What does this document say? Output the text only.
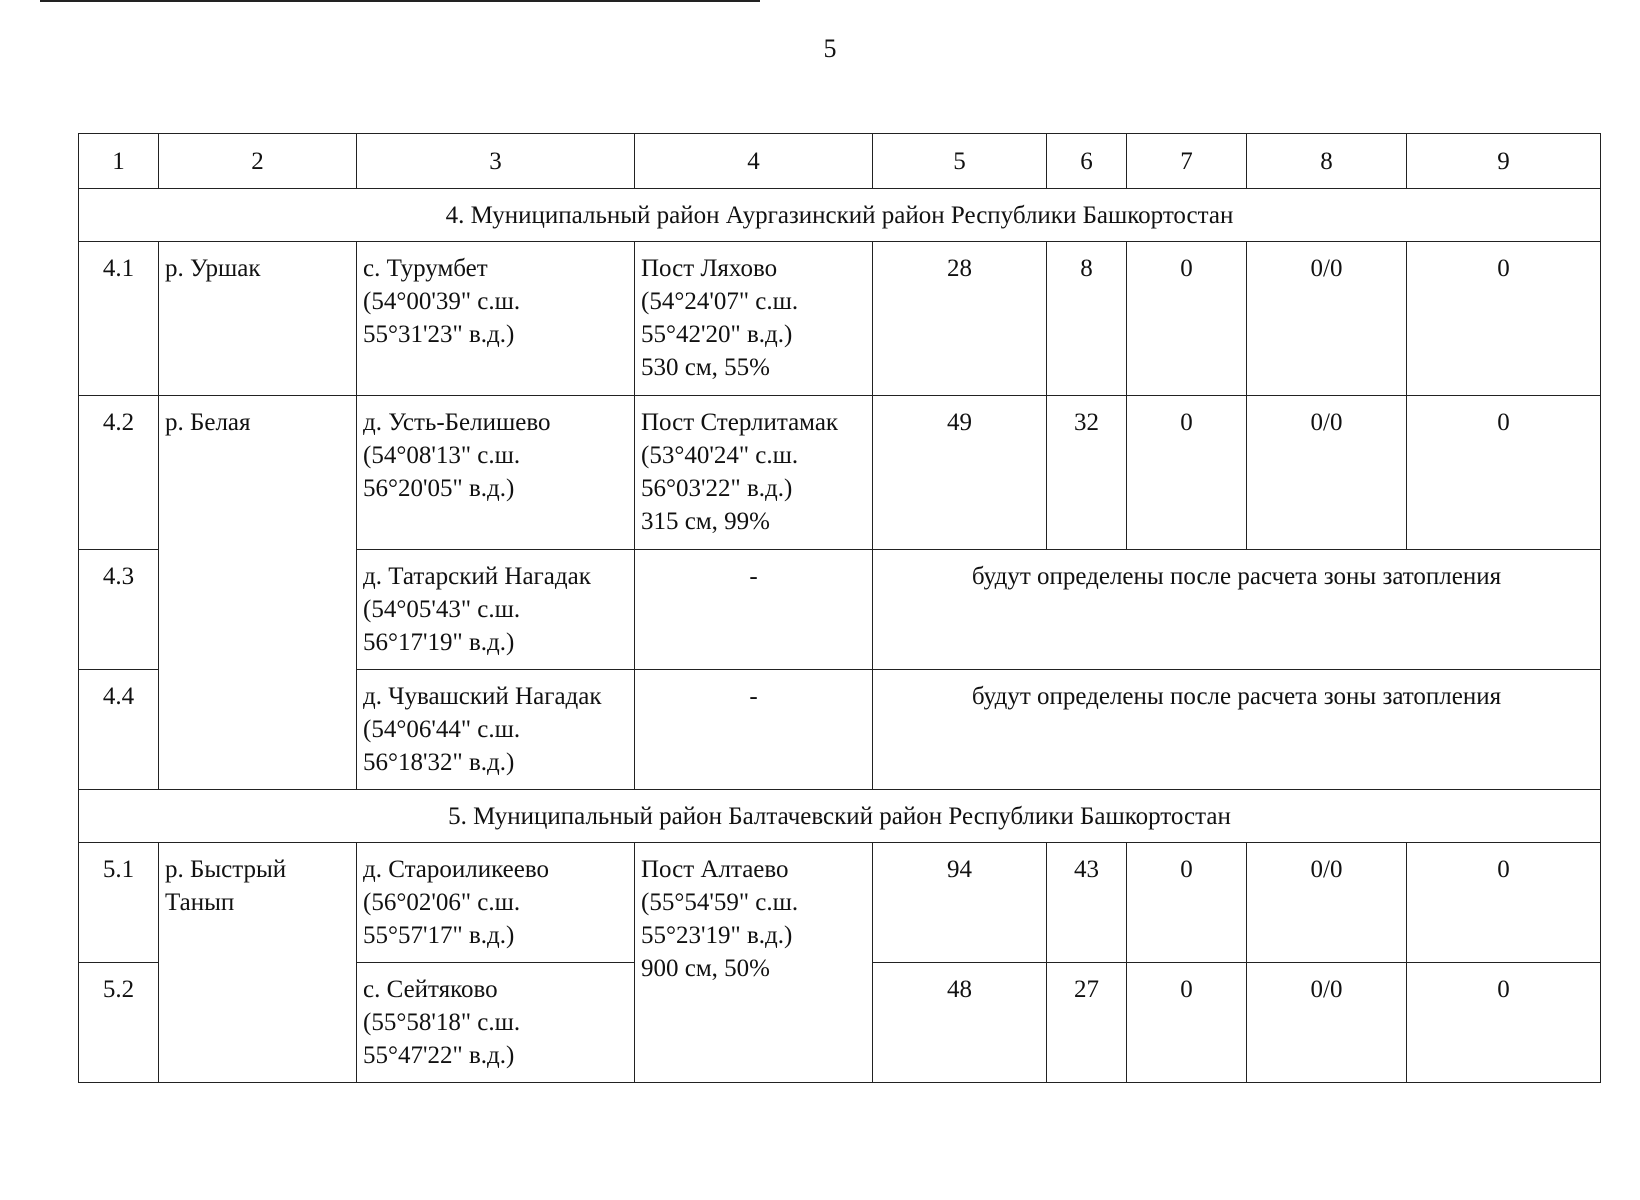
5
1	2	3	4	5	6	7	8	9
4. Муниципальный район Аургазинский район Республики Башкортостан								
4.1	р. Уршак	с. Турумбет
(54°00'39" с.ш.
55°31'23" в.д.)	Пост Ляхово
(54°24'07" с.ш.
55°42'20" в.д.)
530 см, 55%	28	8	0	0/0	0
4.2	р. Белая	д. Усть-Белишево
(54°08'13" с.ш.
56°20'05" в.д.)	Пост Стерлитамак
(53°40'24" с.ш.
56°03'22" в.д.)
315 см, 99%	49	32	0	0/0	0
4.3		д. Татарский Нагадак
(54°05'43" с.ш.
56°17'19" в.д.)	-	будут определены после расчета зоны затопления				
4.4		д. Чувашский Нагадак
(54°06'44" с.ш.
56°18'32" в.д.)	-	будут определены после расчета зоны затопления				
5. Муниципальный район Балтачевский район Республики Башкортостан								
5.1	р. Быстрый
Танып	д. Староиликеево
(56°02'06" с.ш.
55°57'17" в.д.)	Пост Алтаево
(55°54'59" с.ш.
55°23'19" в.д.)
900 см, 50%	94	43	0	0/0	0
5.2		с. Сейтяково
(55°58'18" с.ш.
55°47'22" в.д.)		48	27	0	0/0	0
